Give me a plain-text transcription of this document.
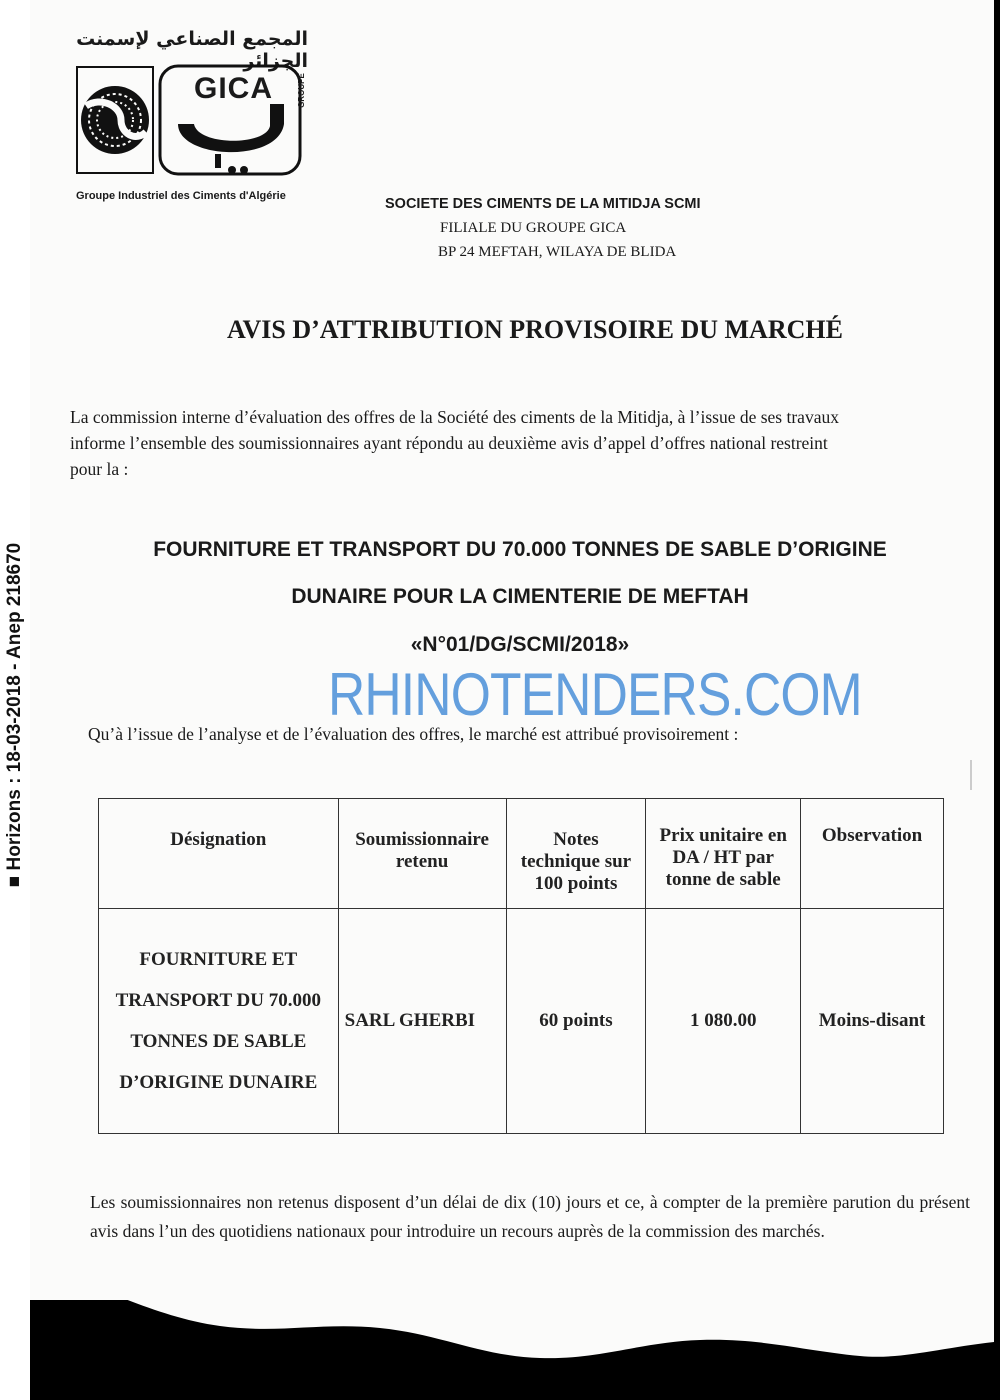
■ Horizons : 18-03-2018 - Anep 218670
المجمع الصناعي لإسمنت الجزائر
GICA	GROUPE
Groupe Industriel des Ciments d'Algérie	SOCIETE DES CIMENTS DE LA MITIDJA SCMI
FILIALE DU GROUPE GICA
BP 24 MEFTAH, WILAYA DE BLIDA
AVIS D’ATTRIBUTION PROVISOIRE DU MARCHÉ
La commission interne d’évaluation des offres de la Société des ciments de la Mitidja, à l’issue de ses travaux
informe l’ensemble des soumissionnaires ayant répondu au deuxième avis d’appel d’offres national restreint
pour la :
FOURNITURE ET TRANSPORT DU 70.000 TONNES DE SABLE D’ORIGINE
DUNAIRE POUR LA CIMENTERIE DE MEFTAH
«N°01/DG/SCMI/2018»
RHINOTENDERS.COM
Qu’à l’issue de l’analyse et de l’évaluation des offres, le marché est attribué provisoirement :
Désignation	Soumissionnaire retenu	Notes technique sur 100 points	Prix unitaire en DA / HT par tonne de sable	Observation
FOURNITURE ET TRANSPORT DU 70.000 TONNES DE SABLE D’ORIGINE DUNAIRE	SARL GHERBI	60 points	1 080.00	Moins-disant
Les soumissionnaires non retenus disposent d’un délai de dix (10) jours et ce, à compter de la première parution du présent avis dans l’un des quotidiens nationaux pour introduire un recours auprès de la commission des marchés.
